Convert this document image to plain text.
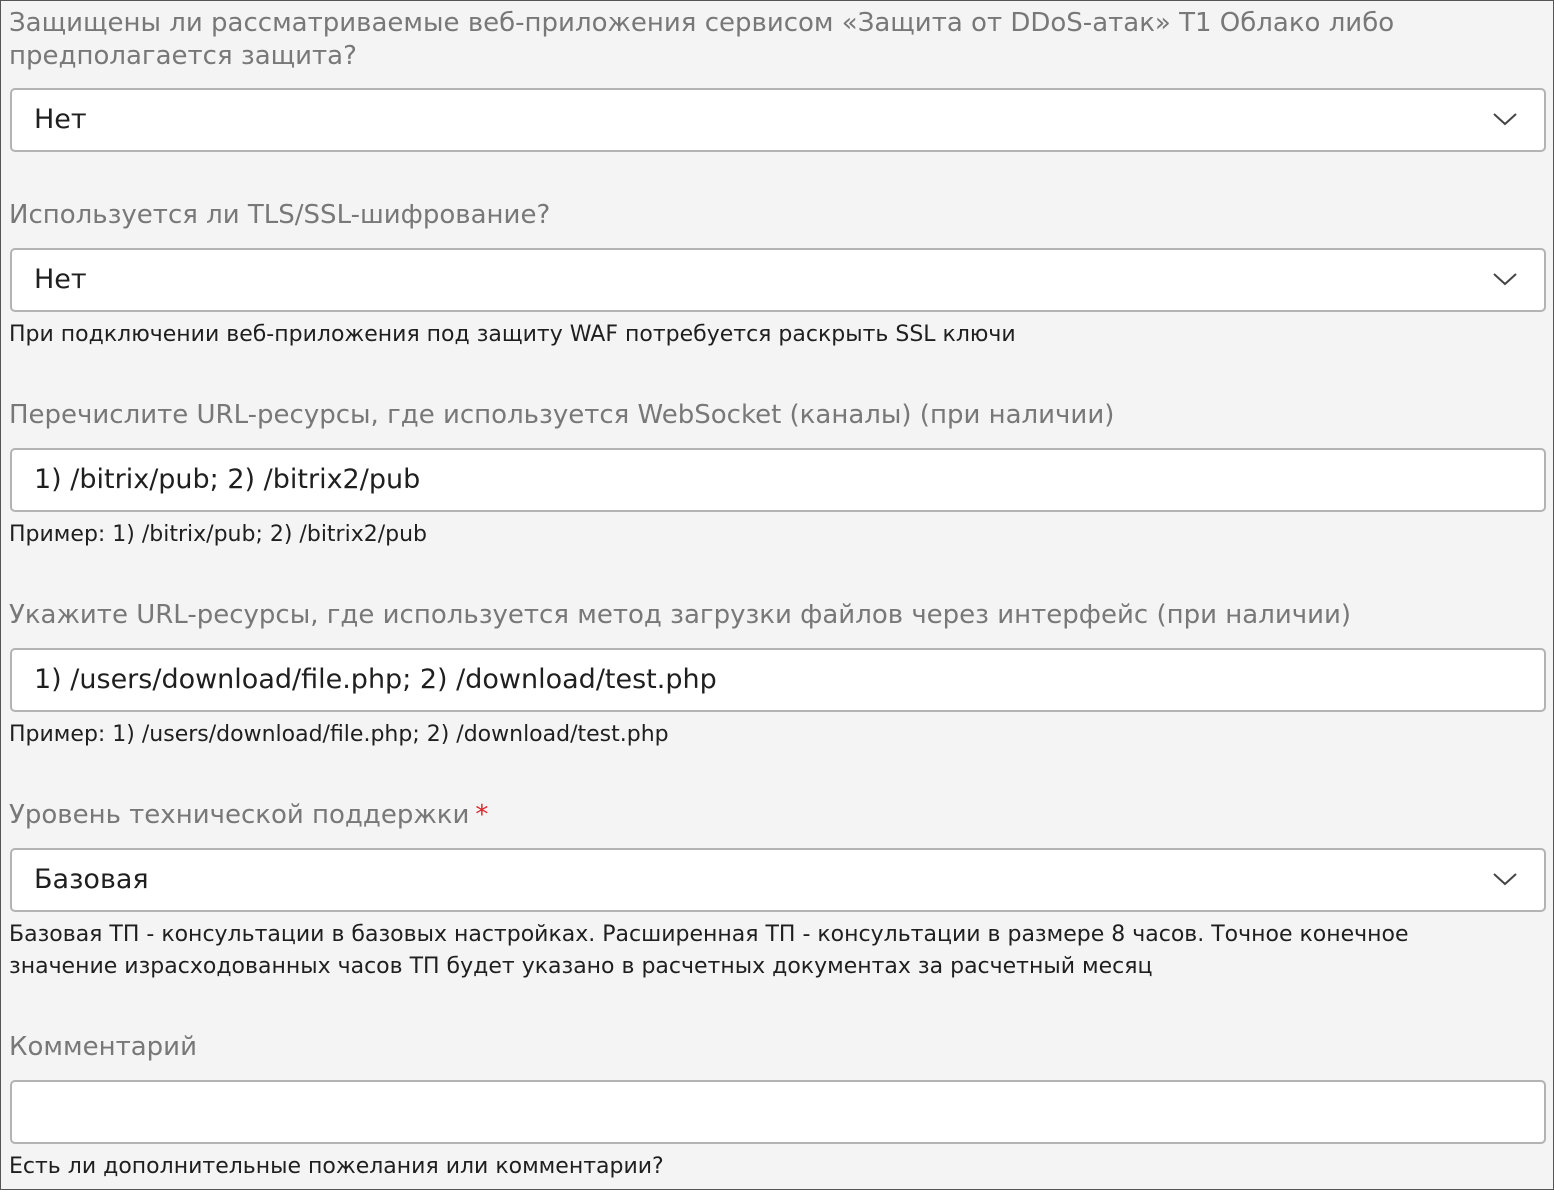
Защищены ли рассматриваемые веб-приложения сервисом «Защита от DDoS-атак» Т1 Облако либо предполагается защита?
Нет
Используется ли TLS/SSL-шифрование?
Нет
При подключении веб-приложения под защиту WAF потребуется раскрыть SSL ключи
Перечислите URL-ресурсы, где используется WebSocket (каналы) (при наличии)
1) /bitrix/pub; 2) /bitrix2/pub
Пример: 1) /bitrix/pub; 2) /bitrix2/pub
Укажите URL-ресурсы, где используется метод загрузки файлов через интерфейс (при наличии)
1) /users/download/file.php; 2) /download/test.php
Пример: 1) /users/download/file.php; 2) /download/test.php
Уровень технической поддержки *
Базовая
Базовая ТП - консультации в базовых настройках. Расширенная ТП - консультации в размере 8 часов. Точное конечное значение израсходованных часов ТП будет указано в расчетных документах за расчетный месяц
Комментарий
Есть ли дополнительные пожелания или комментарии?
